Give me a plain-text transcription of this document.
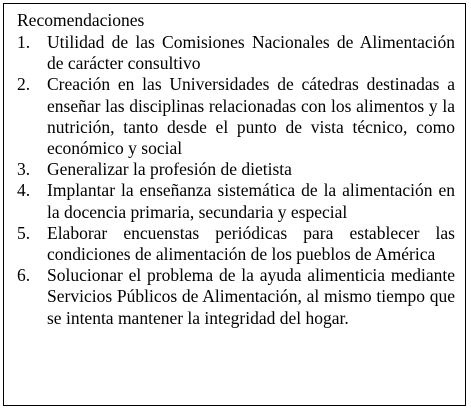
Recomendaciones
1. Utilidad de las Comisiones Nacionales de Alimentación de carácter consultivo
2. Creación en las Universidades de cátedras destinadas a enseñar las disciplinas relacionadas con los alimentos y la nutrición, tanto desde el punto de vista técnico, como económico y social
3. Generalizar la profesión de dietista
4. Implantar la enseñanza sistemática de la alimentación en la docencia primaria, secundaria y especial
5. Elaborar encuenstas periódicas para establecer las condiciones de alimentación de los pueblos de América
6. Solucionar el problema de la ayuda alimenticia mediante Servicios Públicos de Alimentación, al mismo tiempo que se intenta mantener la integridad del hogar.
